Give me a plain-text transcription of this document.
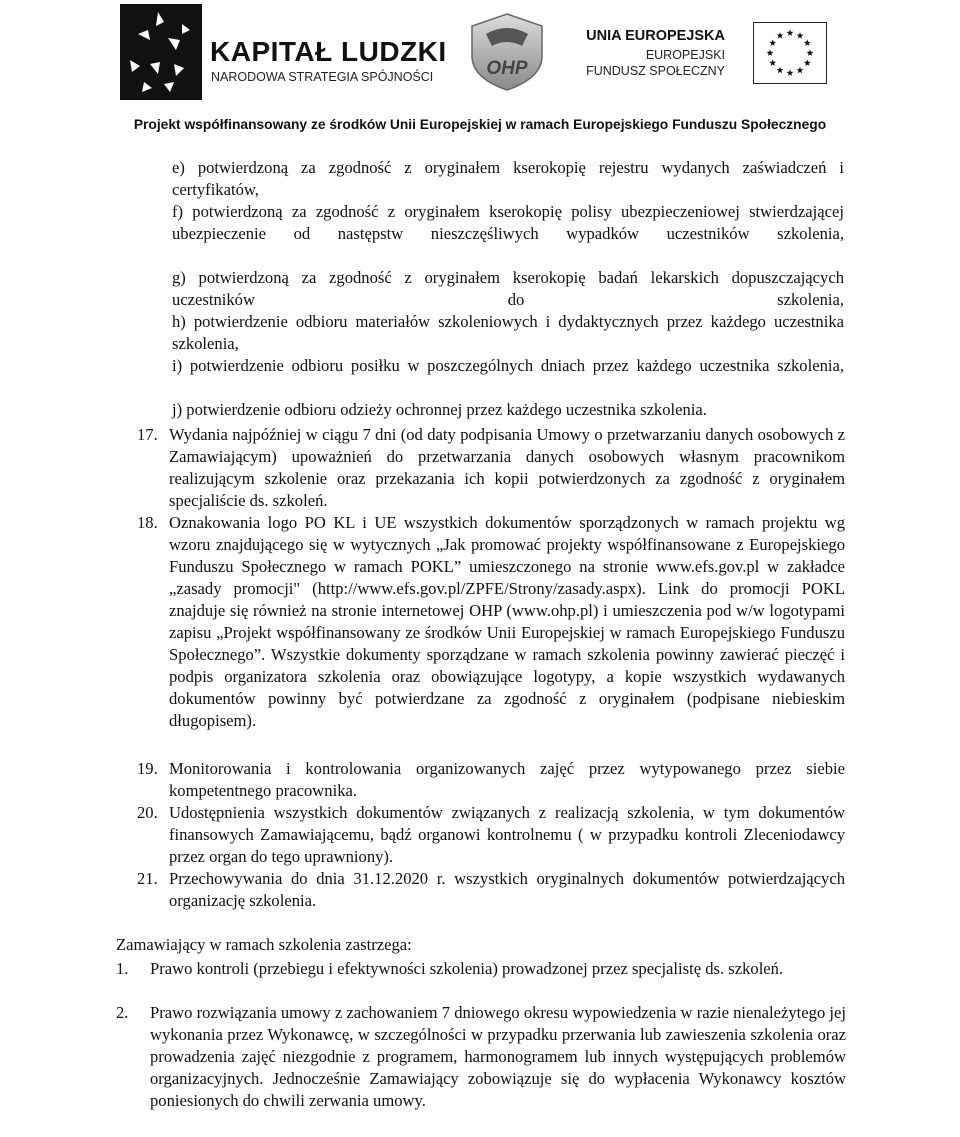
KAPITAŁ LUDZKI
NARODOWA STRATEGIA SPÓJNOŚCI	OHP
UNIA EUROPEJSKA
EUROPEJSKI
FUNDUSZ SPOŁECZNY
Projekt współfinansowany ze środków Unii Europejskiej w ramach Europejskiego Funduszu Społecznego
e) potwierdzoną za zgodność z oryginałem kserokopię rejestru wydanych zaświadczeń i certyfikatów,
f) potwierdzoną za zgodność z oryginałem kserokopię polisy ubezpieczeniowej stwierdzającej ubezpieczenie od następstw nieszczęśliwych wypadków uczestników szkolenia,
g) potwierdzoną za zgodność z oryginałem kserokopię badań lekarskich dopuszczających uczestników do szkolenia,
h) potwierdzenie odbioru materiałów szkoleniowych i dydaktycznych przez każdego uczestnika szkolenia,
i) potwierdzenie odbioru posiłku w poszczególnych dniach przez każdego uczestnika szkolenia,
j) potwierdzenie odbioru odzieży ochronnej przez każdego uczestnika szkolenia.
17. Wydania najpóźniej w ciągu 7 dni (od daty podpisania Umowy o przetwarzaniu danych osobowych z Zamawiającym) upoważnień do przetwarzania danych osobowych własnym pracownikom realizującym szkolenie oraz przekazania ich kopii potwierdzonych za zgodność z oryginałem specjaliście ds. szkoleń.
18. Oznakowania logo PO KL i UE wszystkich dokumentów sporządzonych w ramach projektu wg wzoru znajdującego się w wytycznych „Jak promować projekty współfinansowane z Europejskiego Funduszu Społecznego w ramach POKL” umieszczonego na stronie www.efs.gov.pl w zakładce „zasady promocji" (http://www.efs.gov.pl/ZPFE/Strony/zasady.aspx). Link do promocji POKL znajduje się również na stronie internetowej OHP (www.ohp.pl) i umieszczenia pod w/w logotypami zapisu „Projekt współfinansowany ze środków Unii Europejskiej w ramach Europejskiego Funduszu Społecznego”. Wszystkie dokumenty sporządzane w ramach szkolenia powinny zawierać pieczęć i podpis organizatora szkolenia oraz obowiązujące logotypy, a kopie wszystkich wydawanych dokumentów powinny być potwierdzane za zgodność z oryginałem (podpisane niebieskim długopisem).
19. Monitorowania i kontrolowania organizowanych zajęć przez wytypowanego przez siebie kompetentnego pracownika.
20. Udostępnienia wszystkich dokumentów związanych z realizacją szkolenia, w tym dokumentów finansowych Zamawiającemu, bądź organowi kontrolnemu ( w przypadku kontroli Zleceniodawcy przez organ do tego uprawniony).
21. Przechowywania do dnia 31.12.2020 r. wszystkich oryginalnych dokumentów potwierdzających organizację szkolenia.
Zamawiający w ramach szkolenia zastrzega:
1. Prawo kontroli (przebiegu i efektywności szkolenia) prowadzonej przez specjalistę ds. szkoleń.
2. Prawo rozwiązania umowy z zachowaniem 7 dniowego okresu wypowiedzenia w razie nienależytego jej wykonania przez Wykonawcę, w szczególności w przypadku przerwania lub zawieszenia szkolenia oraz prowadzenia zajęć niezgodnie z programem, harmonogramem lub innych występujących problemów organizacyjnych. Jednocześnie Zamawiający zobowiązuje się do wypłacenia Wykonawcy kosztów poniesionych do chwili zerwania umowy.
